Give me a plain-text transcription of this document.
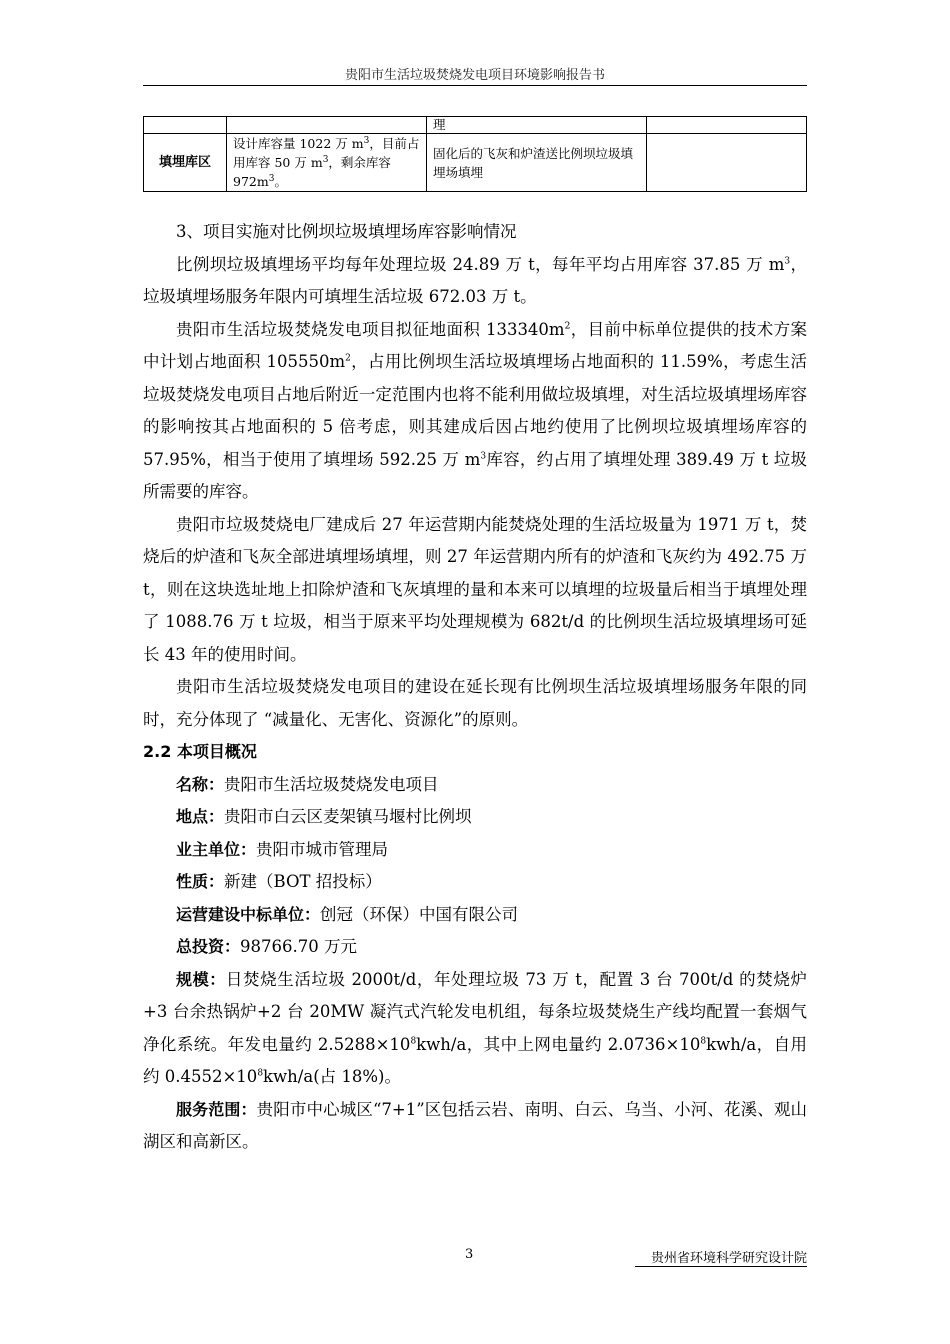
贵阳市生活垃圾焚烧发电项目环境影响报告书
		理	
填埋库区	设计库容量 1022 万 $m^3$，目前占用库容 50 万 $m^3$，剩余库容 $972m^3$。	固化后的飞灰和炉渣送比例坝垃圾填埋场填埋	

3、项目实施对比例坝垃圾填埋场库容影响情况

比例坝垃圾填埋场平均每年处理垃圾 24.89 万 t，每年平均占用库容 37.85 万 $m^3$，垃圾填埋场服务年限内可填埋生活垃圾 672.03 万 t。

贵阳市生活垃圾焚烧发电项目拟征地面积 $133340m^2$，目前中标单位提供的技术方案中计划占地面积 $105550m^2$，占用比例坝生活垃圾填埋场占地面积的 11.59%，考虑生活垃圾焚烧发电项目占地后附近一定范围内也将不能利用做垃圾填埋，对生活垃圾填埋场库容的影响按其占地面积的 5 倍考虑，则其建成后因占地约使用了比例坝垃圾填埋场库容的 57.95%，相当于使用了填埋场 592.25 万 $m^3$库容，约占用了填埋处理 389.49 万 t 垃圾所需要的库容。

贵阳市垃圾焚烧电厂建成后 27 年运营期内能焚烧处理的生活垃圾量为 1971 万 t，焚烧后的炉渣和飞灰全部进填埋场填埋，则 27 年运营期内所有的炉渣和飞灰约为 492.75 万 t，则在这块选址地上扣除炉渣和飞灰填埋的量和本来可以填埋的垃圾量后相当于填埋处理了 1088.76 万 t 垃圾，相当于原来平均处理规模为 682t/d 的比例坝生活垃圾填埋场可延长 43 年的使用时间。

贵阳市生活垃圾焚烧发电项目的建设在延长现有比例坝生活垃圾填埋场服务年限的同时，充分体现了 “减量化、无害化、资源化”的原则。

2.2 本项目概况

名称：贵阳市生活垃圾焚烧发电项目

地点：贵阳市白云区麦架镇马堰村比例坝

业主单位：贵阳市城市管理局

性质：新建（BOT 招投标）

运营建设中标单位：创冠（环保）中国有限公司

总投资：98766.70 万元

规模：日焚烧生活垃圾 2000t/d，年处理垃圾 73 万 t，配置 3 台 700t/d 的焚烧炉+3 台余热锅炉+2 台 20MW 凝汽式汽轮发电机组，每条垃圾焚烧生产线均配置一套烟气净化系统。年发电量约 $2.5288\times 10^8kwh/a$，其中上网电量约 $2.0736\times 10^8kwh/a$，自用约 $0.4552\times 10^8kwh/a$(占 18%)。

服务范围：贵阳市中心城区“7+1”区包括云岩、南明、白云、乌当、小河、花溪、观山湖区和高新区。

3	贵州省环境科学研究设计院
